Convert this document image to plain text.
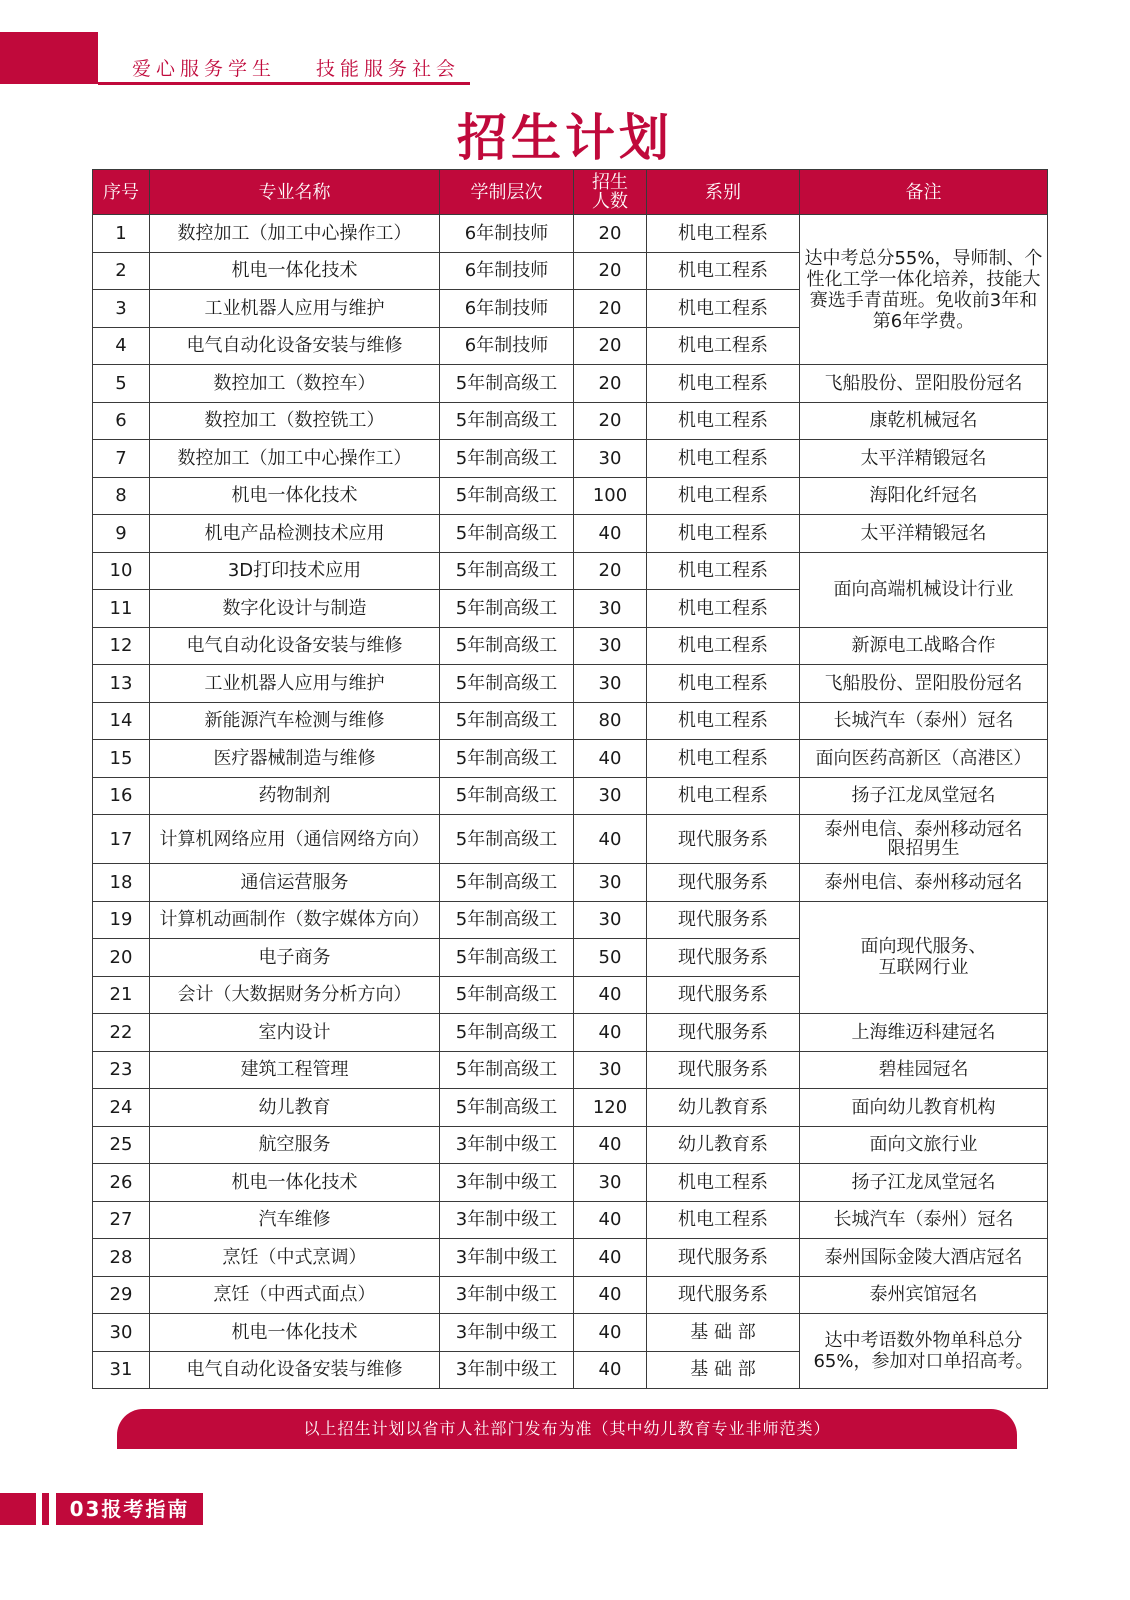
爱心服务学生 技能服务社会
招生计划
序号	专业名称	学制层次	招生人数	系别	备注
1	数控加工（加工中心操作工）	6年制技师	20	机电工程系	达中考总分55%，导师制、个性化工学一体化培养，技能大赛选手青苗班。免收前3年和第6年学费。
2	机电一体化技术	6年制技师	20	机电工程系	
3	工业机器人应用与维护	6年制技师	20	机电工程系	
4	电气自动化设备安装与维修	6年制技师	20	机电工程系	
5	数控加工（数控车）	5年制高级工	20	机电工程系	飞船股份、罡阳股份冠名
6	数控加工（数控铣工）	5年制高级工	20	机电工程系	康乾机械冠名
7	数控加工（加工中心操作工）	5年制高级工	30	机电工程系	太平洋精锻冠名
8	机电一体化技术	5年制高级工	100	机电工程系	海阳化纤冠名
9	机电产品检测技术应用	5年制高级工	40	机电工程系	太平洋精锻冠名
10	3D打印技术应用	5年制高级工	20	机电工程系	面向高端机械设计行业
11	数字化设计与制造	5年制高级工	30	机电工程系	
12	电气自动化设备安装与维修	5年制高级工	30	机电工程系	新源电工战略合作
13	工业机器人应用与维护	5年制高级工	30	机电工程系	飞船股份、罡阳股份冠名
14	新能源汽车检测与维修	5年制高级工	80	机电工程系	长城汽车（泰州）冠名
15	医疗器械制造与维修	5年制高级工	40	机电工程系	面向医药高新区（高港区）
16	药物制剂	5年制高级工	30	机电工程系	扬子江龙凤堂冠名
17	计算机网络应用（通信网络方向）	5年制高级工	40	现代服务系	泰州电信、泰州移动冠名
限招男生

18	通信运营服务	5年制高级工	30	现代服务系	泰州电信、泰州移动冠名
19	计算机动画制作（数字媒体方向）	5年制高级工	30	现代服务系	面向现代服务、
互联网行业

20	电子商务	5年制高级工	50	现代服务系	
21	会计（大数据财务分析方向）	5年制高级工	40	现代服务系	
22	室内设计	5年制高级工	40	现代服务系	上海维迈科建冠名
23	建筑工程管理	5年制高级工	30	现代服务系	碧桂园冠名
24	幼儿教育	5年制高级工	120	幼儿教育系	面向幼儿教育机构
25	航空服务	3年制中级工	40	幼儿教育系	面向文旅行业
26	机电一体化技术	3年制中级工	30	机电工程系	扬子江龙凤堂冠名
27	汽车维修	3年制中级工	40	机电工程系	长城汽车（泰州）冠名
28	烹饪（中式烹调）	3年制中级工	40	现代服务系	泰州国际金陵大酒店冠名
29	烹饪（中西式面点）	3年制中级工	40	现代服务系	泰州宾馆冠名
30	机电一体化技术	3年制中级工	40	基 础 部	达中考语数外物单科总分65%，参加对口单招高考。
31	电气自动化设备安装与维修	3年制中级工	40	基 础 部	
以上招生计划以省市人社部门发布为准（其中幼儿教育专业非师范类）
03报考指南
